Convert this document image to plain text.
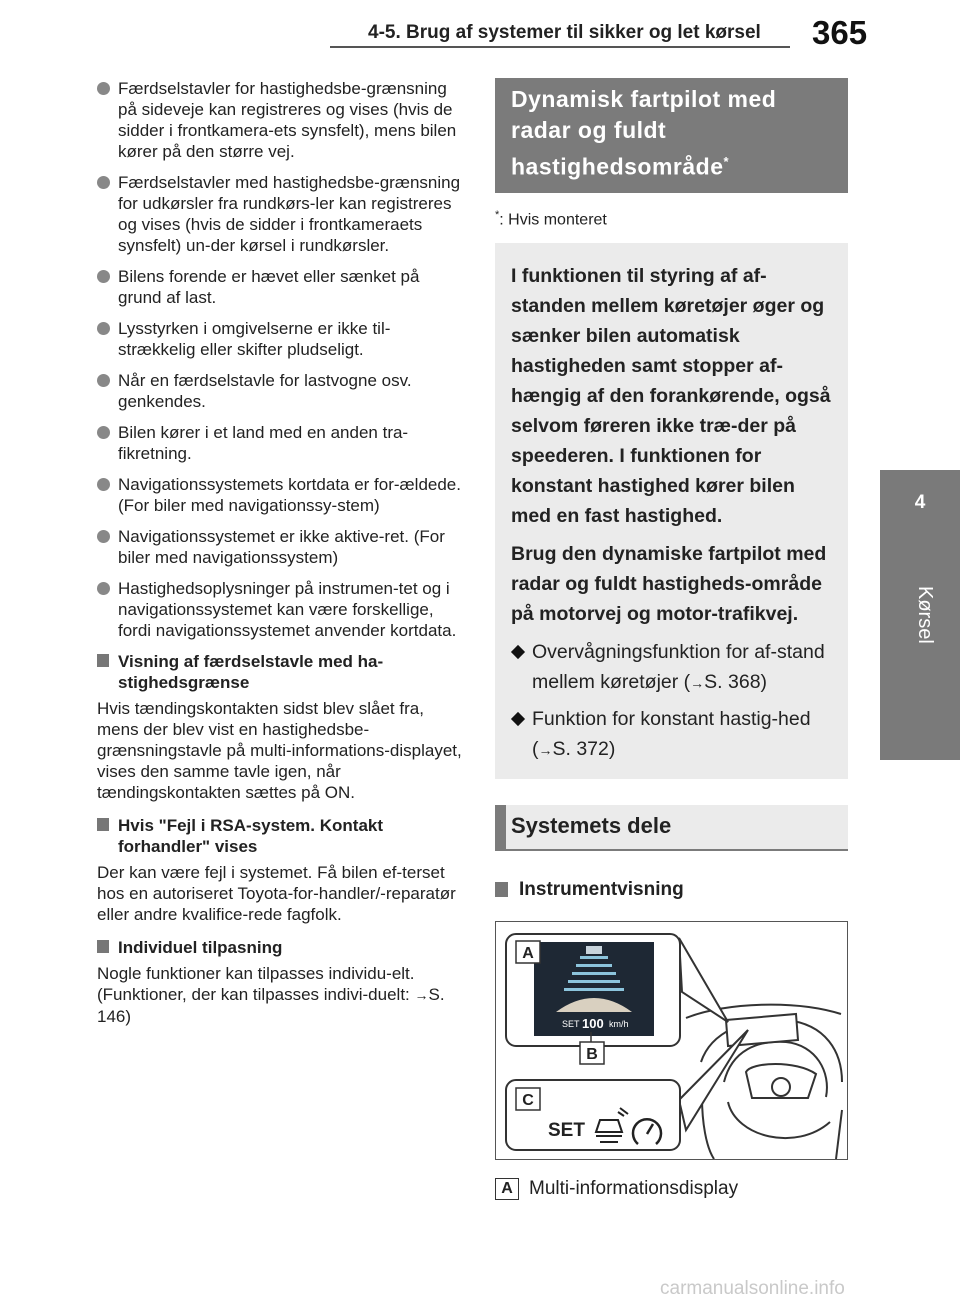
4-5. Brug af systemer til sikker og let kørsel 365
4
Kørsel
Færdselstavler for hastighedsbe-grænsning på sideveje kan registreres og vises (hvis de sidder i frontkamera-ets synsfelt), mens bilen kører på den større vej.
Færdselstavler med hastighedsbe-grænsning for udkørsler fra rundkørs-ler kan registreres og vises (hvis de sidder i frontkameraets synsfelt) un-der kørsel i rundkørsler.
Bilens forende er hævet eller sænket på grund af last.
Lysstyrken i omgivelserne er ikke til-strækkelig eller skifter pludseligt.
Når en færdselstavle for lastvogne osv. genkendes.
Bilen kører i et land med en anden tra-fikretning.
Navigationssystemets kortdata er for-ældede. (For biler med navigationssy-stem)
Navigationssystemet er ikke aktive-ret. (For biler med navigationssystem)
Hastighedsoplysninger på instrumen-tet og i navigationssystemet kan være forskellige, fordi navigationssystemet anvender kortdata.
Visning af færdselstavle med ha-stighedsgrænse
Hvis tændingskontakten sidst blev slået fra, mens der blev vist en hastighedsbe-grænsningstavle på multi-informations-displayet, vises den samme tavle igen, når tændingskontakten sættes på ON.
Hvis "Fejl i RSA-system. Kontakt forhandler" vises
Der kan være fejl i systemet. Få bilen ef-terset hos en autoriseret Toyota-for-handler/-reparatør eller andre kvalifice-rede fagfolk.
Individuel tilpasning
Nogle funktioner kan tilpasses individu-elt. (Funktioner, der kan tilpasses indivi-duelt: →S. 146)
Dynamisk fartpilot med radar og fuldt hastighedsområde*
*: Hvis monteret
I funktionen til styring af af-standen mellem køretøjer øger og sænker bilen automatisk hastigheden samt stopper af-hængig af den forankørende, også selvom føreren ikke træ-der på speederen. I funktionen for konstant hastighed kører bilen med en fast hastighed.
Brug den dynamiske fartpilot med radar og fuldt hastigheds-område på motorvej og motor-trafikvej.
Overvågningsfunktion for af-stand mellem køretøjer (→S. 368)
Funktion for konstant hastig-hed (→S. 372)
Systemets dele
Instrumentvisning
SET 100 km/h
A
B
C
SET
A Multi-informationsdisplay
carmanualsonline.info
